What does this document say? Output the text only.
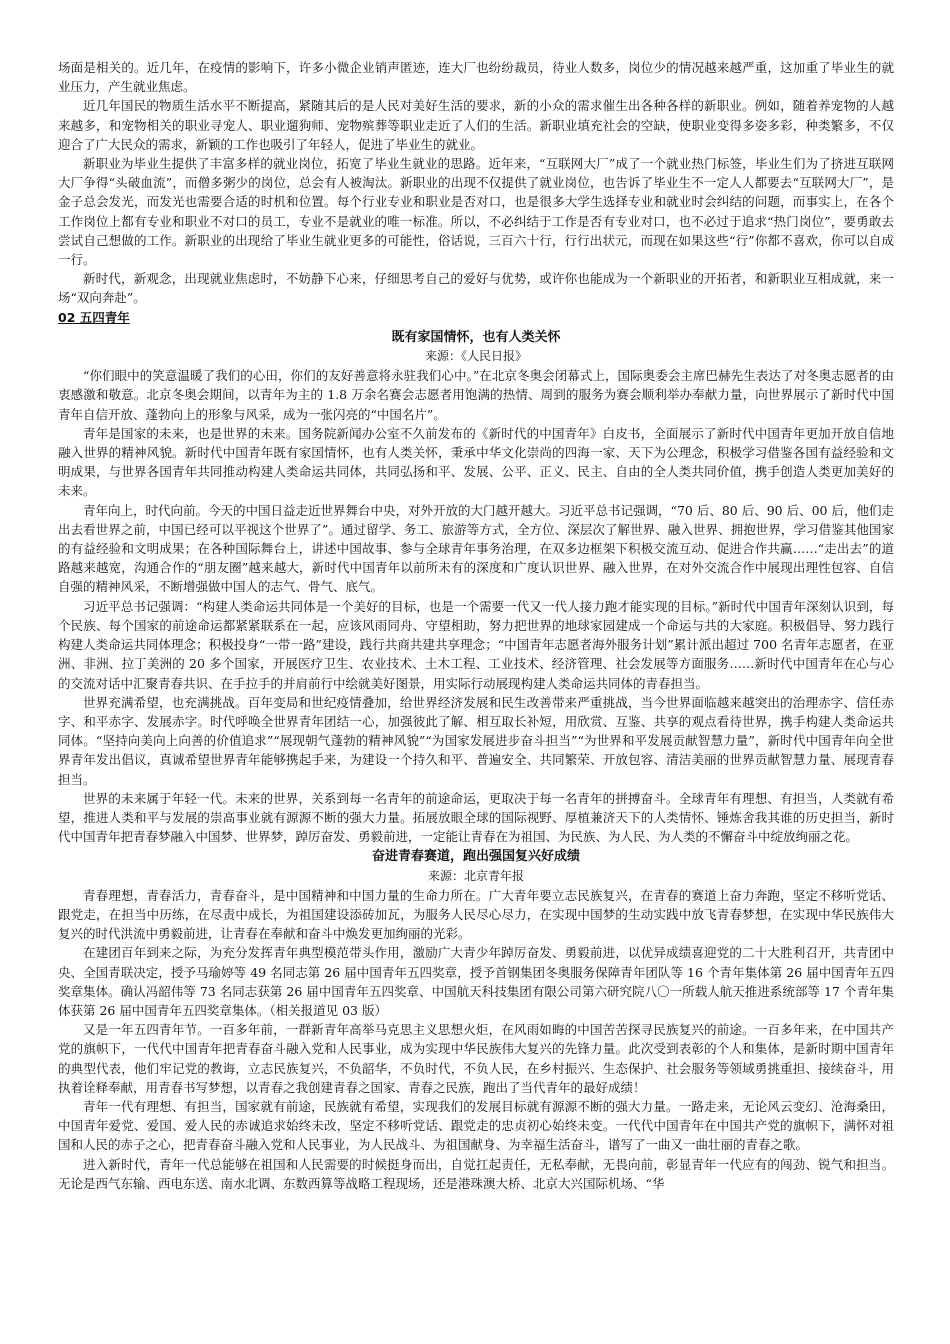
场面是相关的。近几年，在疫情的影响下，许多小微企业销声匿迹，连大厂也纷纷裁员，待业人数多，岗位少的情况越来越严重，这加重了毕业生的就业压力，产生就业焦虑。

近几年国民的物质生活水平不断提高，紧随其后的是人民对美好生活的要求，新的小众的需求催生出各种各样的新职业。例如，随着养宠物的人越来越多，和宠物相关的职业寻宠人、职业遛狗师、宠物殡葬等职业走近了人们的生活。新职业填充社会的空缺，使职业变得多姿多彩，种类繁多，不仅迎合了广大民众的需求，新颖的工作也吸引了年轻人，促进了毕业生的就业。

新职业为毕业生提供了丰富多样的就业岗位，拓宽了毕业生就业的思路。近年来，“互联网大厂”成了一个就业热门标签，毕业生们为了挤进互联网大厂争得“头破血流”，而僧多粥少的岗位，总会有人被淘汰。新职业的出现不仅提供了就业岗位，也告诉了毕业生不一定人人都要去“互联网大厂”，是金子总会发光，而发光也需要合适的时机和位置。每个行业专业和职业是否对口，也是很多大学生选择专业和就业时会纠结的问题，而事实上，在各个工作岗位上都有专业和职业不对口的员工，专业不是就业的唯一标准。所以，不必纠结于工作是否有专业对口，也不必过于追求“热门岗位”，要勇敢去尝试自己想做的工作。新职业的出现给了毕业生就业更多的可能性，俗话说，三百六十行，行行出状元，而现在如果这些“行”你都不喜欢，你可以自成一行。

新时代，新观念，出现就业焦虑时，不妨静下心来，仔细思考自己的爱好与优势，或许你也能成为一个新职业的开拓者，和新职业互相成就，来一场“双向奔赴”。

02 五四青年
既有家国情怀，也有人类关怀
来源：《人民日报》

“你们眼中的笑意温暖了我们的心田，你们的友好善意将永驻我们心中。”在北京冬奥会闭幕式上，国际奥委会主席巴赫先生表达了对冬奥志愿者的由衷感激和敬意。北京冬奥会期间，以青年为主的 1.8 万余名赛会志愿者用饱满的热情、周到的服务为赛会顺利举办奉献力量，向世界展示了新时代中国青年自信开放、蓬勃向上的形象与风采，成为一张闪亮的“中国名片”。

青年是国家的未来，也是世界的未来。国务院新闻办公室不久前发布的《新时代的中国青年》白皮书，全面展示了新时代中国青年更加开放自信地融入世界的精神风貌。新时代中国青年既有家国情怀，也有人类关怀，秉承中华文化崇尚的四海一家、天下为公理念，积极学习借鉴各国有益经验和文明成果，与世界各国青年共同推动构建人类命运共同体，共同弘扬和平、发展、公平、正义、民主、自由的全人类共同价值，携手创造人类更加美好的未来。

青年向上，时代向前。今天的中国日益走近世界舞台中央，对外开放的大门越开越大。习近平总书记强调，“70 后、80 后、90 后、00 后，他们走出去看世界之前，中国已经可以平视这个世界了”。通过留学、务工、旅游等方式，全方位、深层次了解世界、融入世界、拥抱世界，学习借鉴其他国家的有益经验和文明成果；在各种国际舞台上，讲述中国故事、参与全球青年事务治理，在双多边框架下积极交流互动、促进合作共赢……“走出去”的道路越来越宽，沟通合作的“朋友圈”越来越大，新时代中国青年以前所未有的深度和广度认识世界、融入世界，在对外交流合作中展现出理性包容、自信自强的精神风采，不断增强做中国人的志气、骨气、底气。

习近平总书记强调：“构建人类命运共同体是一个美好的目标，也是一个需要一代又一代人接力跑才能实现的目标。”新时代中国青年深刻认识到，每个民族、每个国家的前途命运都紧紧联系在一起，应该风雨同舟、守望相助，努力把世界的地球家园建成一个命运与共的大家庭。积极倡导、努力践行构建人类命运共同体理念；积极投身“一带一路”建设，践行共商共建共享理念；“中国青年志愿者海外服务计划”累计派出超过 700 名青年志愿者，在亚洲、非洲、拉丁美洲的 20 多个国家，开展医疗卫生、农业技术、土木工程、工业技术、经济管理、社会发展等方面服务……新时代中国青年在心与心的交流对话中汇聚青春共识、在手拉手的并肩前行中绘就美好图景，用实际行动展现构建人类命运共同体的青春担当。

世界充满希望，也充满挑战。百年变局和世纪疫情叠加，给世界经济发展和民生改善带来严重挑战，当今世界面临越来越突出的治理赤字、信任赤字、和平赤字、发展赤字。时代呼唤全世界青年团结一心，加强彼此了解、相互取长补短，用欣赏、互鉴、共享的观点看待世界，携手构建人类命运共同体。“坚持向美向上向善的价值追求”“展现朝气蓬勃的精神风貌”“为国家发展进步奋斗担当”“为世界和平发展贡献智慧力量”，新时代中国青年向全世界青年发出倡议，真诚希望世界青年能够携起手来，为建设一个持久和平、普遍安全、共同繁荣、开放包容、清洁美丽的世界贡献智慧力量、展现青春担当。

世界的未来属于年轻一代。未来的世界，关系到每一名青年的前途命运，更取决于每一名青年的拼搏奋斗。全球青年有理想、有担当，人类就有希望，推进人类和平与发展的崇高事业就有源源不断的强大力量。拓展放眼全球的国际视野、厚植兼济天下的人类情怀、锤炼舍我其谁的历史担当，新时代中国青年把青春梦融入中国梦、世界梦，踔厉奋发、勇毅前进，一定能让青春在为祖国、为民族、为人民、为人类的不懈奋斗中绽放绚丽之花。

奋进青春赛道，跑出强国复兴好成绩
来源：北京青年报

青春理想，青春活力，青春奋斗，是中国精神和中国力量的生命力所在。广大青年要立志民族复兴，在青春的赛道上奋力奔跑，坚定不移听党话、跟党走，在担当中历练，在尽责中成长，为祖国建设添砖加瓦，为服务人民尽心尽力，在实现中国梦的生动实践中放飞青春梦想，在实现中华民族伟大复兴的时代洪流中勇毅前进，让青春在奉献和奋斗中焕发更加绚丽的光彩。

在建团百年到来之际，为充分发挥青年典型模范带头作用，激励广大青少年踔厉奋发、勇毅前进，以优异成绩喜迎党的二十大胜利召开，共青团中央、全国青联决定，授予马瑜婷等 49 名同志第 26 届中国青年五四奖章，授予首钢集团冬奥服务保障青年团队等 16 个青年集体第 26 届中国青年五四奖章集体。确认冯韶伟等 73 名同志获第 26 届中国青年五四奖章、中国航天科技集团有限公司第六研究院八〇一所载人航天推进系统部等 17 个青年集体获第 26 届中国青年五四奖章集体。（相关报道见 03 版）

又是一年五四青年节。一百多年前，一群新青年高举马克思主义思想火炬，在风雨如晦的中国苦苦探寻民族复兴的前途。一百多年来，在中国共产党的旗帜下，一代代中国青年把青春奋斗融入党和人民事业，成为实现中华民族伟大复兴的先锋力量。此次受到表彰的个人和集体，是新时期中国青年的典型代表，他们牢记党的教诲，立志民族复兴，不负韶华，不负时代，不负人民，在乡村振兴、生态保护、社会服务等领域勇挑重担、接续奋斗，用执着诠释奉献，用青春书写梦想，以青春之我创建青春之国家、青春之民族，跑出了当代青年的最好成绩！

青年一代有理想、有担当，国家就有前途，民族就有希望，实现我们的发展目标就有源源不断的强大力量。一路走来，无论风云变幻、沧海桑田，中国青年爱党、爱国、爱人民的赤诚追求始终未改，坚定不移听党话、跟党走的忠贞初心始终未变。一代代中国青年在中国共产党的旗帜下，满怀对祖国和人民的赤子之心，把青春奋斗融入党和人民事业，为人民战斗、为祖国献身、为幸福生活奋斗，谱写了一曲又一曲壮丽的青春之歌。

进入新时代，青年一代总能够在祖国和人民需要的时候挺身而出，自觉扛起责任，无私奉献，无畏向前，彰显青年一代应有的闯劲、锐气和担当。无论是西气东输、西电东送、南水北调、东数西算等战略工程现场，还是港珠澳大桥、北京大兴国际机场、“华
